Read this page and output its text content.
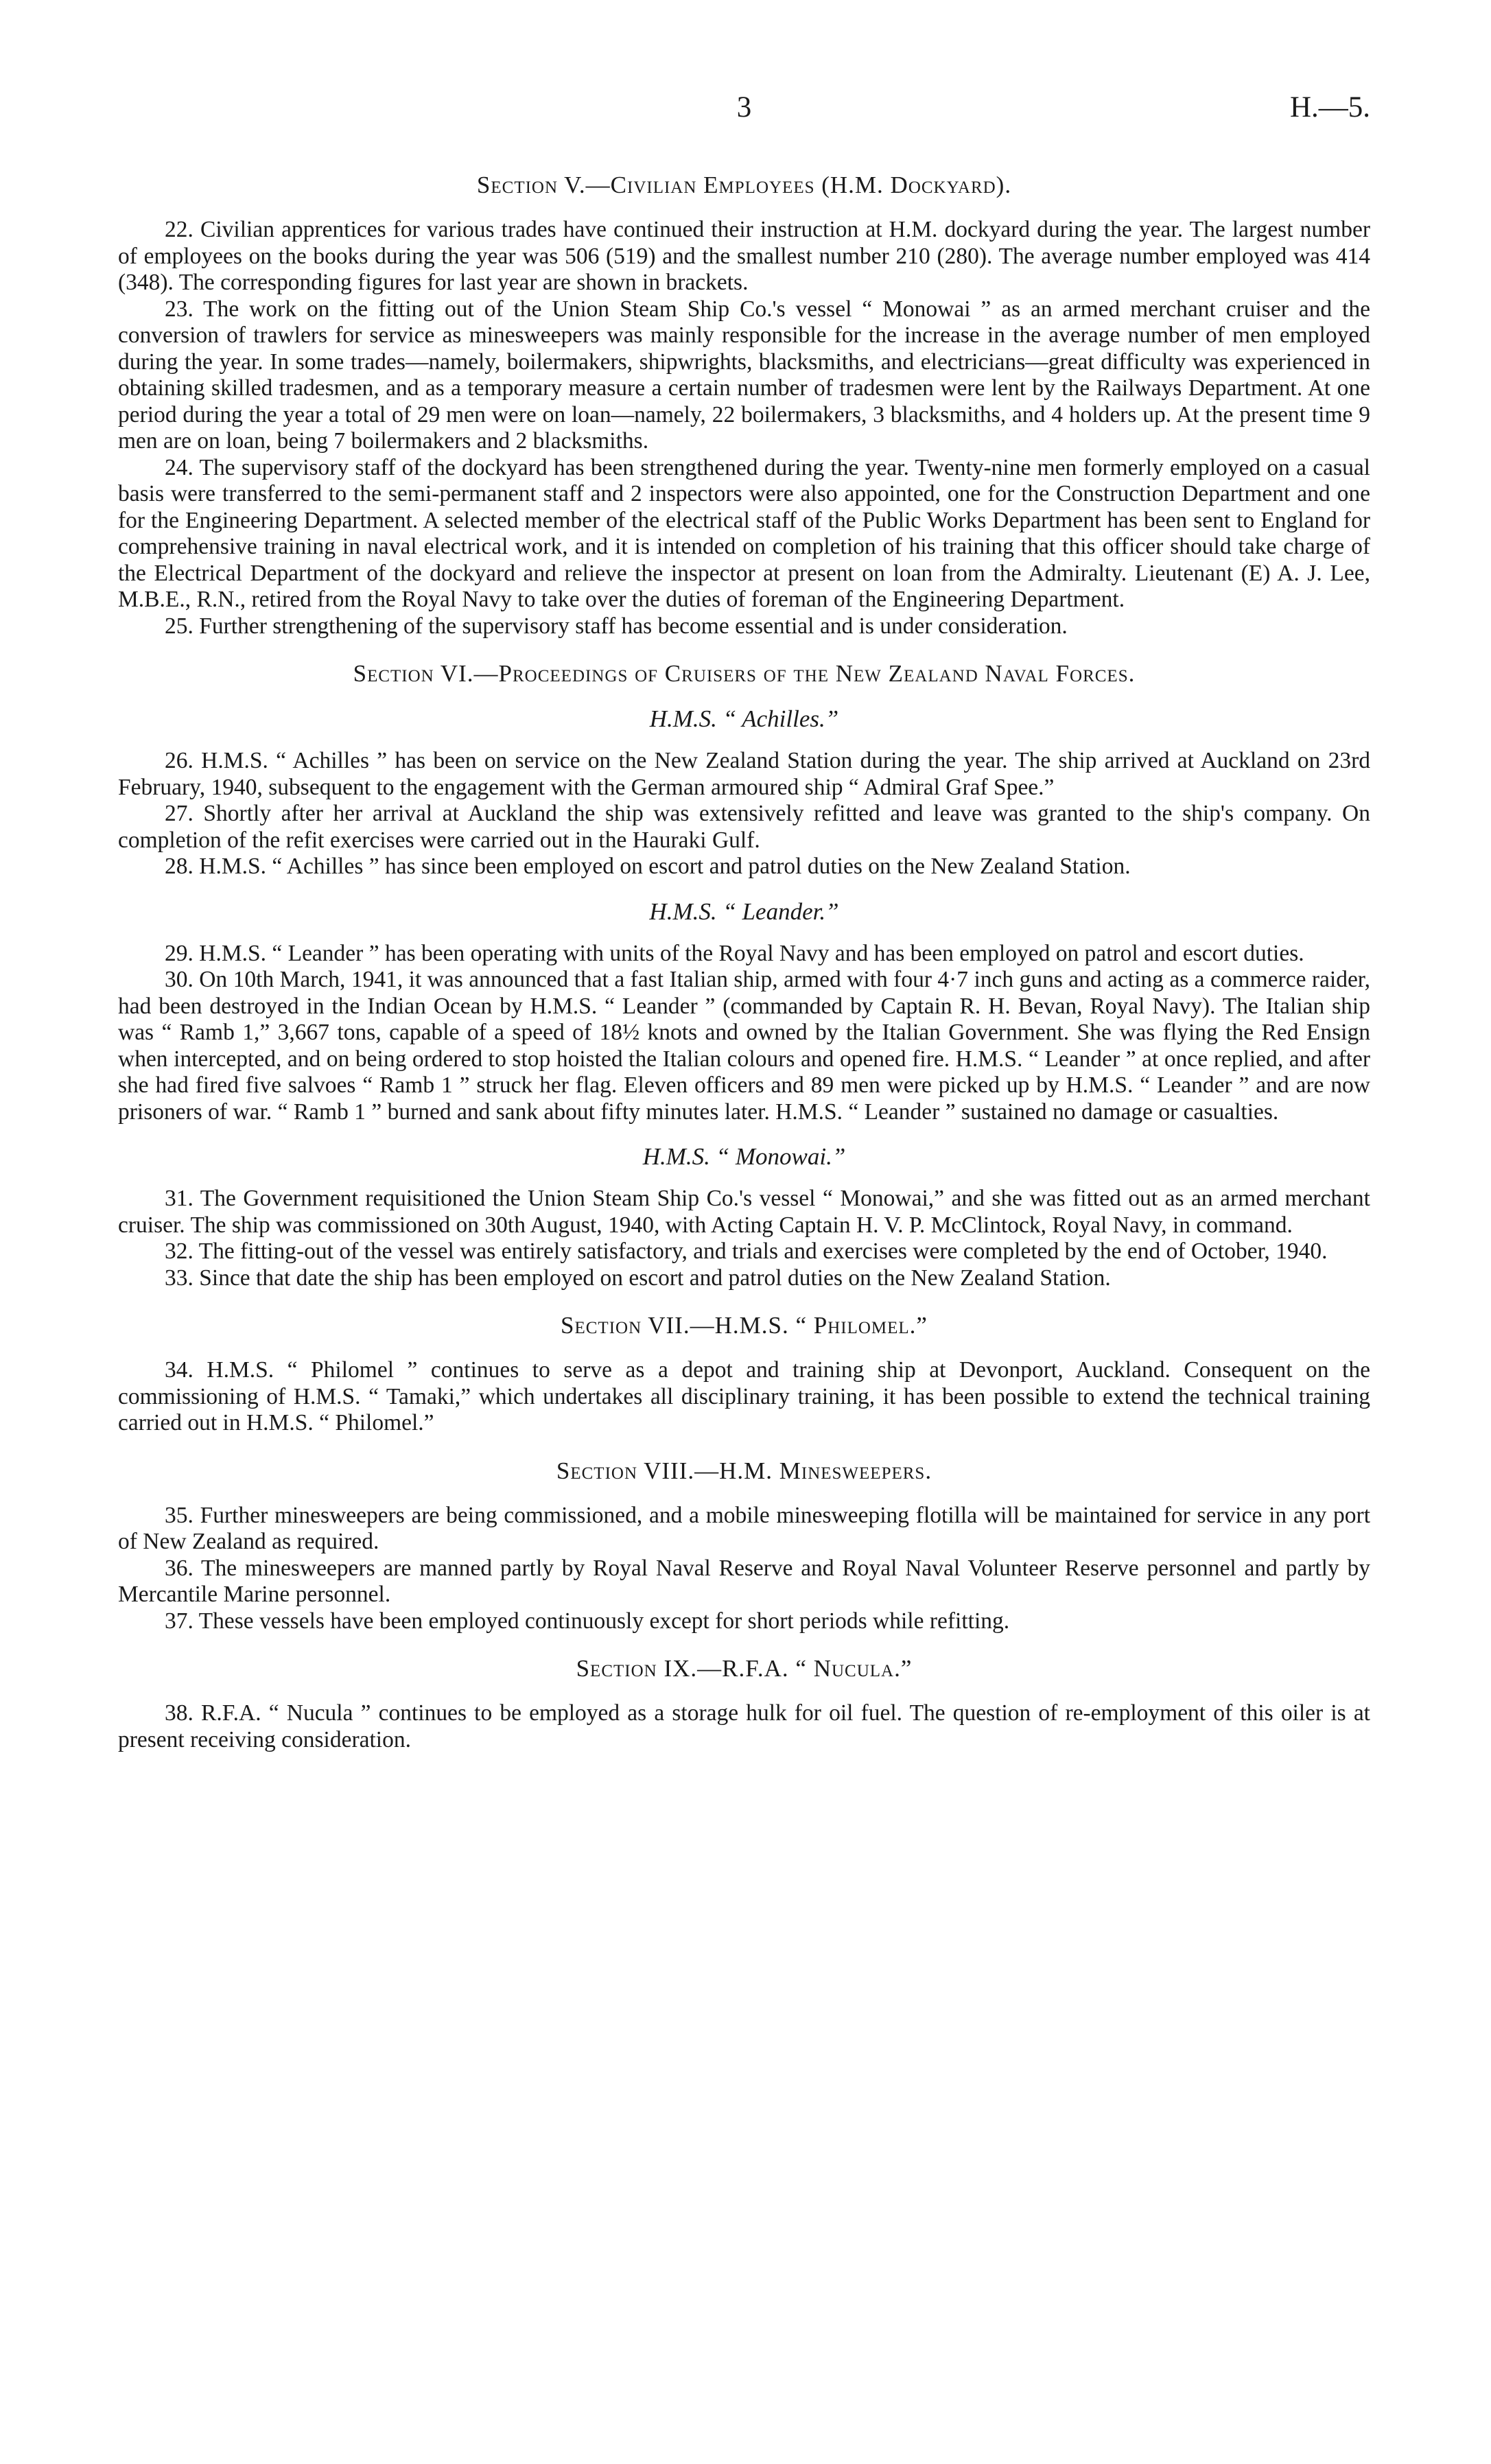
3	H.—5.
Section V.—Civilian Employees (H.M. Dockyard).

22. Civilian apprentices for various trades have continued their instruction at H.M. dockyard during the year. The largest number of employees on the books during the year was 506 (519) and the smallest number 210 (280). The average number employed was 414 (348). The corresponding figures for last year are shown in brackets.

23. The work on the fitting out of the Union Steam Ship Co.'s vessel “ Monowai ” as an armed merchant cruiser and the conversion of trawlers for service as minesweepers was mainly responsible for the increase in the average number of men employed during the year. In some trades—namely, boilermakers, shipwrights, blacksmiths, and electricians—great difficulty was experienced in obtaining skilled tradesmen, and as a temporary measure a certain number of tradesmen were lent by the Railways Department. At one period during the year a total of 29 men were on loan—namely, 22 boilermakers, 3 blacksmiths, and 4 holders up. At the present time 9 men are on loan, being 7 boilermakers and 2 blacksmiths.

24. The supervisory staff of the dockyard has been strengthened during the year. Twenty-nine men formerly employed on a casual basis were transferred to the semi-permanent staff and 2 inspectors were also appointed, one for the Construction Department and one for the Engineering Department. A selected member of the electrical staff of the Public Works Department has been sent to England for comprehensive training in naval electrical work, and it is intended on completion of his training that this officer should take charge of the Electrical Department of the dockyard and relieve the inspector at present on loan from the Admiralty. Lieutenant (E) A. J. Lee, M.B.E., R.N., retired from the Royal Navy to take over the duties of foreman of the Engineering Department.

25. Further strengthening of the supervisory staff has become essential and is under consideration.

Section VI.—Proceedings of Cruisers of the New Zealand Naval Forces.
H.M.S. “ Achilles.”

26. H.M.S. “ Achilles ” has been on service on the New Zealand Station during the year. The ship arrived at Auckland on 23rd February, 1940, subsequent to the engagement with the German armoured ship “ Admiral Graf Spee.”

27. Shortly after her arrival at Auckland the ship was extensively refitted and leave was granted to the ship's company. On completion of the refit exercises were carried out in the Hauraki Gulf.

28. H.M.S. “ Achilles ” has since been employed on escort and patrol duties on the New Zealand Station.

H.M.S. “ Leander.”

29. H.M.S. “ Leander ” has been operating with units of the Royal Navy and has been employed on patrol and escort duties.

30. On 10th March, 1941, it was announced that a fast Italian ship, armed with four 4·7 inch guns and acting as a commerce raider, had been destroyed in the Indian Ocean by H.M.S. “ Leander ” (commanded by Captain R. H. Bevan, Royal Navy). The Italian ship was “ Ramb 1,” 3,667 tons, capable of a speed of 18½ knots and owned by the Italian Government. She was flying the Red Ensign when intercepted, and on being ordered to stop hoisted the Italian colours and opened fire. H.M.S. “ Leander ” at once replied, and after she had fired five salvoes “ Ramb 1 ” struck her flag. Eleven officers and 89 men were picked up by H.M.S. “ Leander ” and are now prisoners of war. “ Ramb 1 ” burned and sank about fifty minutes later. H.M.S. “ Leander ” sustained no damage or casualties.

H.M.S. “ Monowai.”

31. The Government requisitioned the Union Steam Ship Co.'s vessel “ Monowai,” and she was fitted out as an armed merchant cruiser. The ship was commissioned on 30th August, 1940, with Acting Captain H. V. P. McClintock, Royal Navy, in command.

32. The fitting-out of the vessel was entirely satisfactory, and trials and exercises were completed by the end of October, 1940.

33. Since that date the ship has been employed on escort and patrol duties on the New Zealand Station.

Section VII.—H.M.S. “ Philomel.”

34. H.M.S. “ Philomel ” continues to serve as a depot and training ship at Devonport, Auckland. Consequent on the commissioning of H.M.S. “ Tamaki,” which undertakes all disciplinary training, it has been possible to extend the technical training carried out in H.M.S. “ Philomel.”

Section VIII.—H.M. Minesweepers.

35. Further minesweepers are being commissioned, and a mobile minesweeping flotilla will be maintained for service in any port of New Zealand as required.

36. The minesweepers are manned partly by Royal Naval Reserve and Royal Naval Volunteer Reserve personnel and partly by Mercantile Marine personnel.

37. These vessels have been employed continuously except for short periods while refitting.

Section IX.—R.F.A. “ Nucula.”

38. R.F.A. “ Nucula ” continues to be employed as a storage hulk for oil fuel. The question of re-employment of this oiler is at present receiving consideration.
